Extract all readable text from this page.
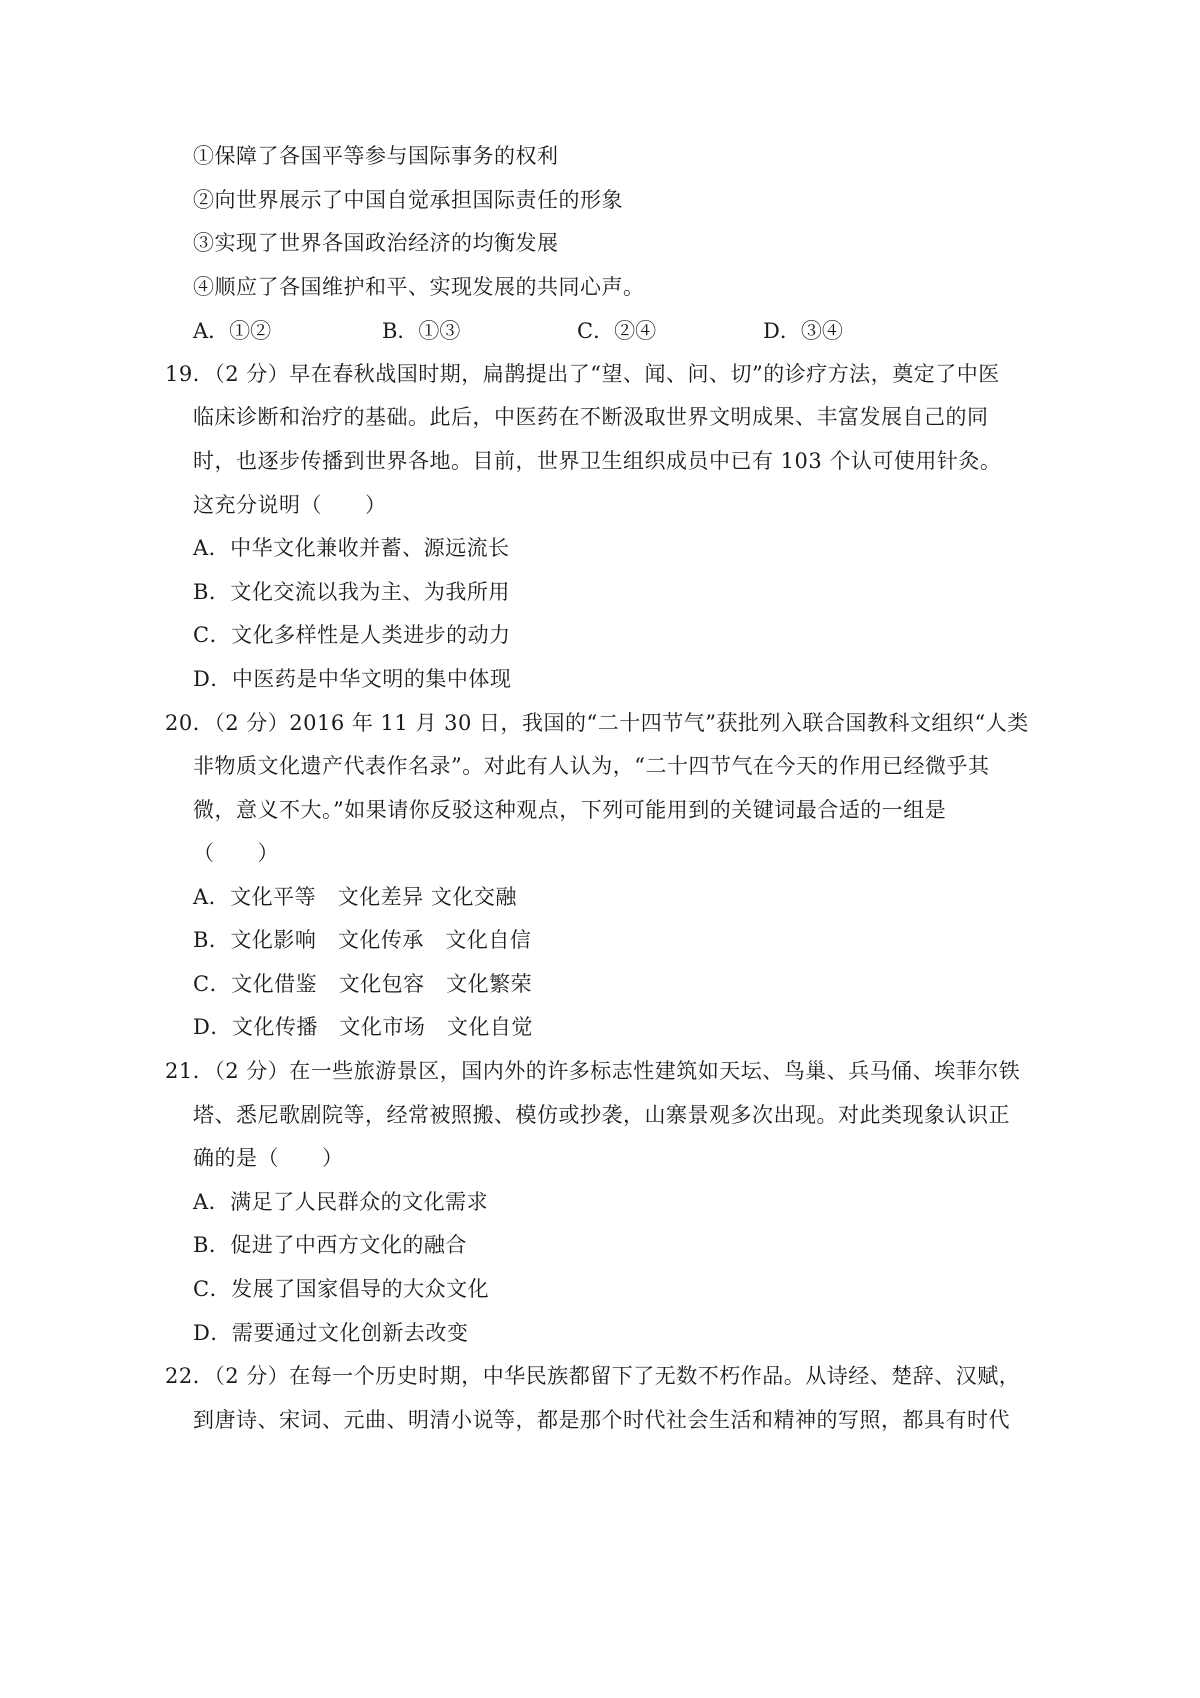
①保障了各国平等参与国际事务的权利
②向世界展示了中国自觉承担国际责任的形象
③实现了世界各国政治经济的均衡发展
④顺应了各国维护和平、实现发展的共同心声。
A．①②	B．①③	C．②④	D．③④
19．（2 分）早在春秋战国时期，扁鹊提出了“望、闻、问、切”的诊疗方法，奠定了中医
临床诊断和治疗的基础。此后，中医药在不断汲取世界文明成果、丰富发展自己的同
时，也逐步传播到世界各地。目前，世界卫生组织成员中已有 103 个认可使用针灸。
这充分说明（　　）
A．中华文化兼收并蓄、源远流长
B．文化交流以我为主、为我所用
C．文化多样性是人类进步的动力
D．中医药是中华文明的集中体现
20．（2 分）2016 年 11 月 30 日，我国的“二十四节气”获批列入联合国教科文组织“人类
非物质文化遗产代表作名录”。对此有人认为，“二十四节气在今天的作用已经微乎其
微，意义不大。”如果请你反驳这种观点，下列可能用到的关键词最合适的一组是
（　　）
A．文化平等　文化差异 文化交融
B．文化影响　文化传承　文化自信
C．文化借鉴　文化包容　文化繁荣
D．文化传播　文化市场　文化自觉
21．（2 分）在一些旅游景区，国内外的许多标志性建筑如天坛、鸟巢、兵马俑、埃菲尔铁
塔、悉尼歌剧院等，经常被照搬、模仿或抄袭，山寨景观多次出现。对此类现象认识正
确的是（　　）
A．满足了人民群众的文化需求
B．促进了中西方文化的融合
C．发展了国家倡导的大众文化
D．需要通过文化创新去改变
22．（2 分）在每一个历史时期，中华民族都留下了无数不朽作品。从诗经、楚辞、汉赋，
到唐诗、宋词、元曲、明清小说等，都是那个时代社会生活和精神的写照，都具有时代
